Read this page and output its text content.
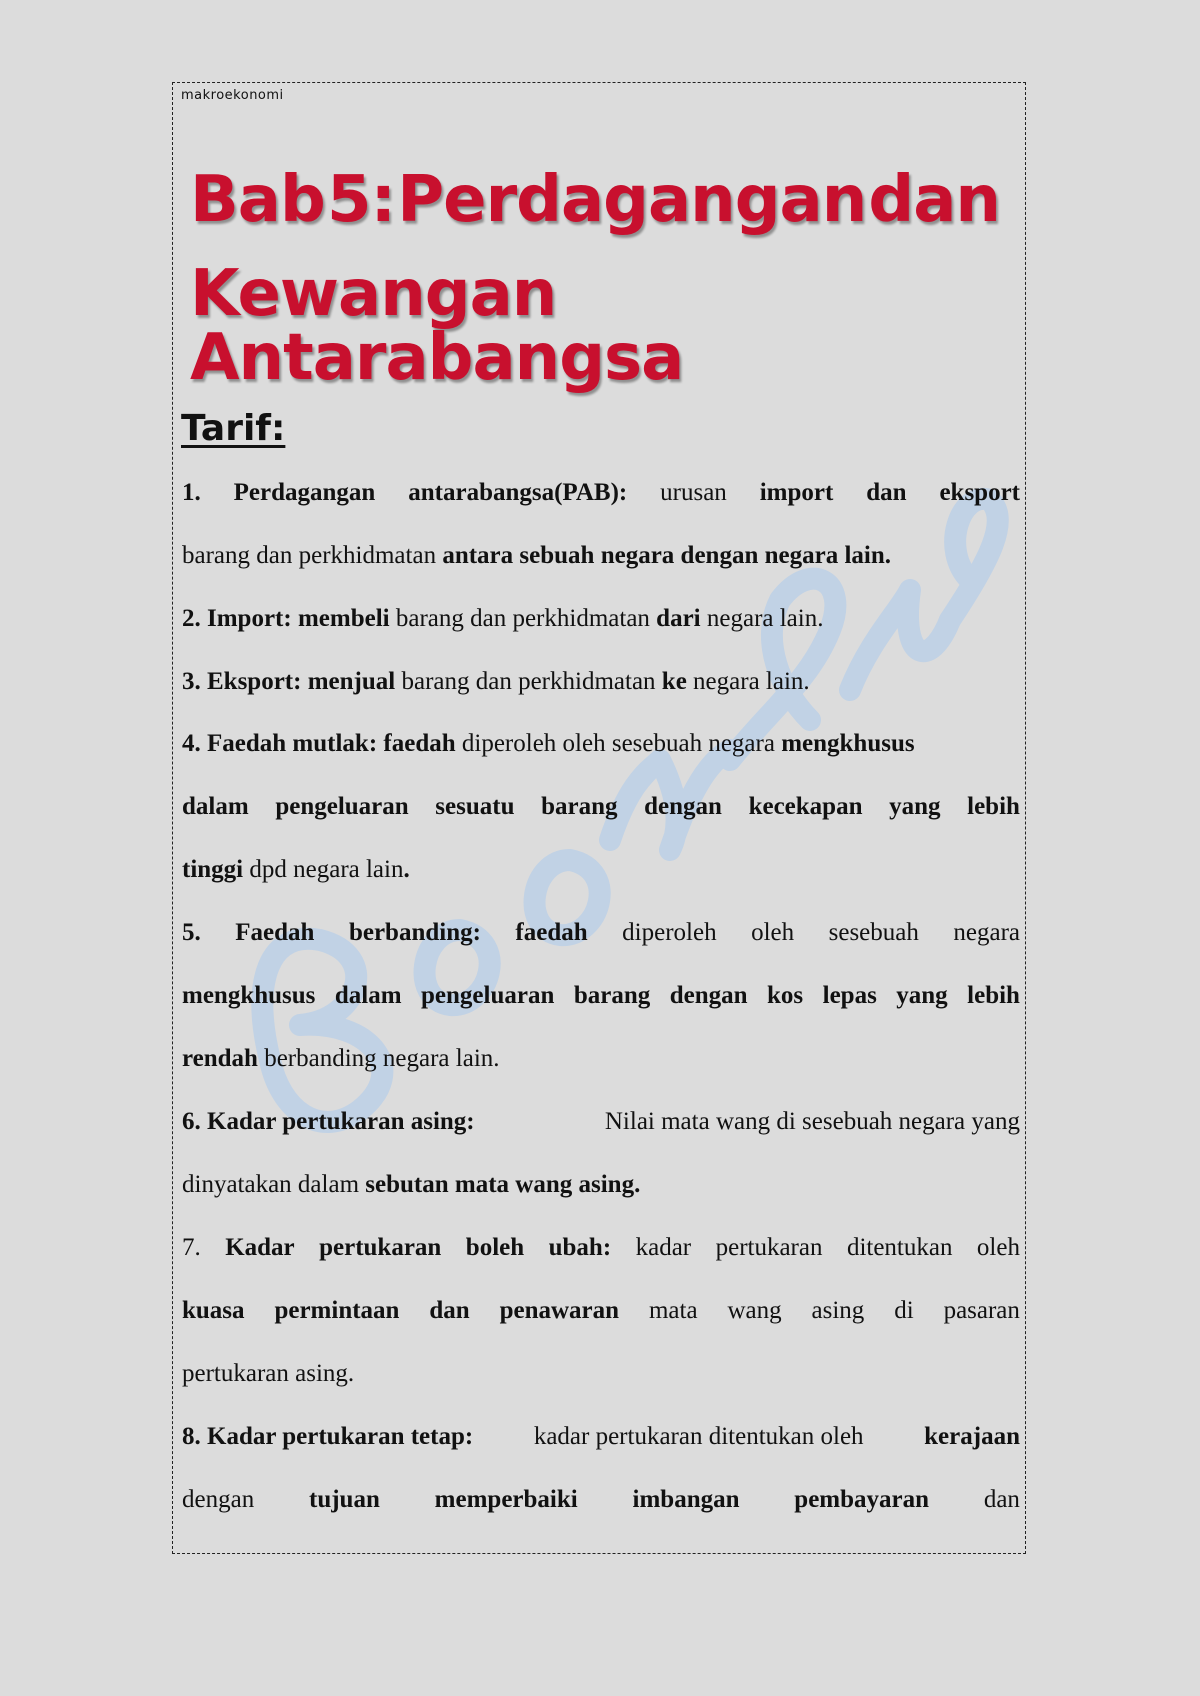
makroekonomi
Bab 5: Perdagangan dan
Kewangan Antarabangsa
Tarif:
1. Perdagangan antarabangsa(PAB): urusan import dan eksport
barang dan perkhidmatan antara sebuah negara dengan negara lain.
2. Import: membeli barang dan perkhidmatan dari negara lain.
3. Eksport: menjual barang dan perkhidmatan ke negara lain.
4. Faedah mutlak: faedah diperoleh oleh sesebuah negara mengkhusus
dalam pengeluaran sesuatu barang dengan kecekapan yang lebih
tinggi dpd negara lain.
5. Faedah berbanding: faedah diperoleh oleh sesebuah negara
mengkhusus dalam pengeluaran barang dengan kos lepas yang lebih
rendah berbanding negara lain.
6. Kadar pertukaran asing:	Nilai mata wang di sesebuah negara yang
dinyatakan dalam sebutan mata wang asing.
7. Kadar pertukaran boleh ubah: kadar pertukaran ditentukan oleh
kuasa permintaan dan penawaran mata wang asing di pasaran
pertukaran asing.
8. Kadar pertukaran tetap: kadar pertukaran ditentukan oleh kerajaan
dengan tujuan memperbaiki imbangan pembayaran dan
